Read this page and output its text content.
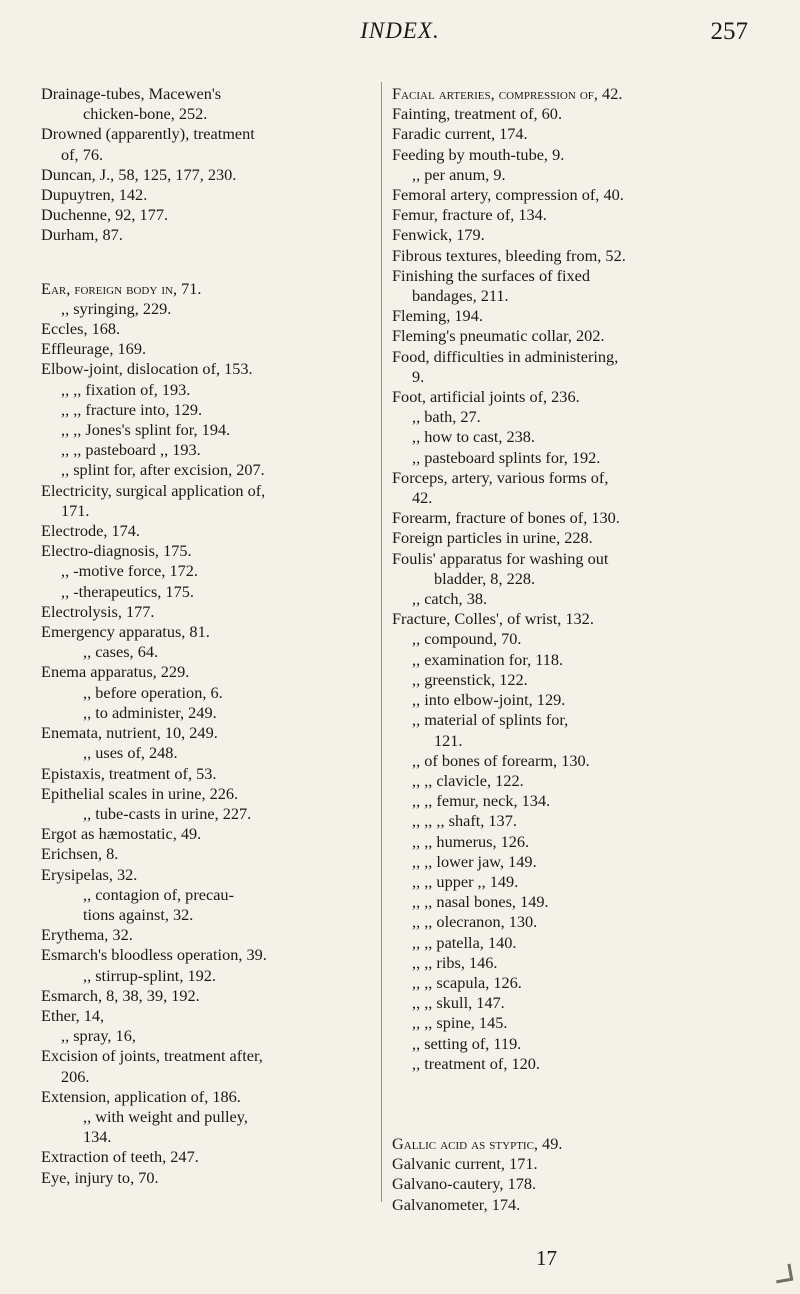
INDEX.	257
Drainage-tubes, Macewen's
chicken-bone, 252.
Drowned (apparently), treatment
of, 76.
Duncan, J., 58, 125, 177, 230.
Dupuytren, 142.
Duchenne, 92, 177.
Durham, 87.
Ear, foreign body in, 71.
,, syringing, 229.
Eccles, 168.
Effleurage, 169.
Elbow-joint, dislocation of, 153.
,, ,, fixation of, 193.
,, ,, fracture into, 129.
,, ,, Jones's splint for, 194.
,, ,, pasteboard ,, 193.
,, splint for, after excision, 207.
Electricity, surgical application of,
171.
Electrode, 174.
Electro-diagnosis, 175.
,, -motive force, 172.
,, -therapeutics, 175.
Electrolysis, 177.
Emergency apparatus, 81.
,, cases, 64.
Enema apparatus, 229.
,, before operation, 6.
,, to administer, 249.
Enemata, nutrient, 10, 249.
,, uses of, 248.
Epistaxis, treatment of, 53.
Epithelial scales in urine, 226.
,, tube-casts in urine, 227.
Ergot as hæmostatic, 49.
Erichsen, 8.
Erysipelas, 32.
,, contagion of, precau-
tions against, 32.
Erythema, 32.
Esmarch's bloodless operation, 39.
,, stirrup-splint, 192.
Esmarch, 8, 38, 39, 192.
Ether, 14,
,, spray, 16,
Excision of joints, treatment after,
206.
Extension, application of, 186.
,, with weight and pulley,
134.
Extraction of teeth, 247.
Eye, injury to, 70.
Facial arteries, compression of, 42.
Fainting, treatment of, 60.
Faradic current, 174.
Feeding by mouth-tube, 9.
,, per anum, 9.
Femoral artery, compression of, 40.
Femur, fracture of, 134.
Fenwick, 179.
Fibrous textures, bleeding from, 52.
Finishing the surfaces of fixed
bandages, 211.
Fleming, 194.
Fleming's pneumatic collar, 202.
Food, difficulties in administering,
9.
Foot, artificial joints of, 236.
,, bath, 27.
,, how to cast, 238.
,, pasteboard splints for, 192.
Forceps, artery, various forms of,
42.
Forearm, fracture of bones of, 130.
Foreign particles in urine, 228.
Foulis' apparatus for washing out
bladder, 8, 228.
,, catch, 38.
Fracture, Colles', of wrist, 132.
,, compound, 70.
,, examination for, 118.
,, greenstick, 122.
,, into elbow-joint, 129.
,, material of splints for,
121.
,, of bones of forearm, 130.
,, ,, clavicle, 122.
,, ,, femur, neck, 134.
,, ,, ,, shaft, 137.
,, ,, humerus, 126.
,, ,, lower jaw, 149.
,, ,, upper ,, 149.
,, ,, nasal bones, 149.
,, ,, olecranon, 130.
,, ,, patella, 140.
,, ,, ribs, 146.
,, ,, scapula, 126.
,, ,, skull, 147.
,, ,, spine, 145.
,, setting of, 119.
,, treatment of, 120.
Gallic acid as styptic, 49.
Galvanic current, 171.
Galvano-cautery, 178.
Galvanometer, 174.
17
